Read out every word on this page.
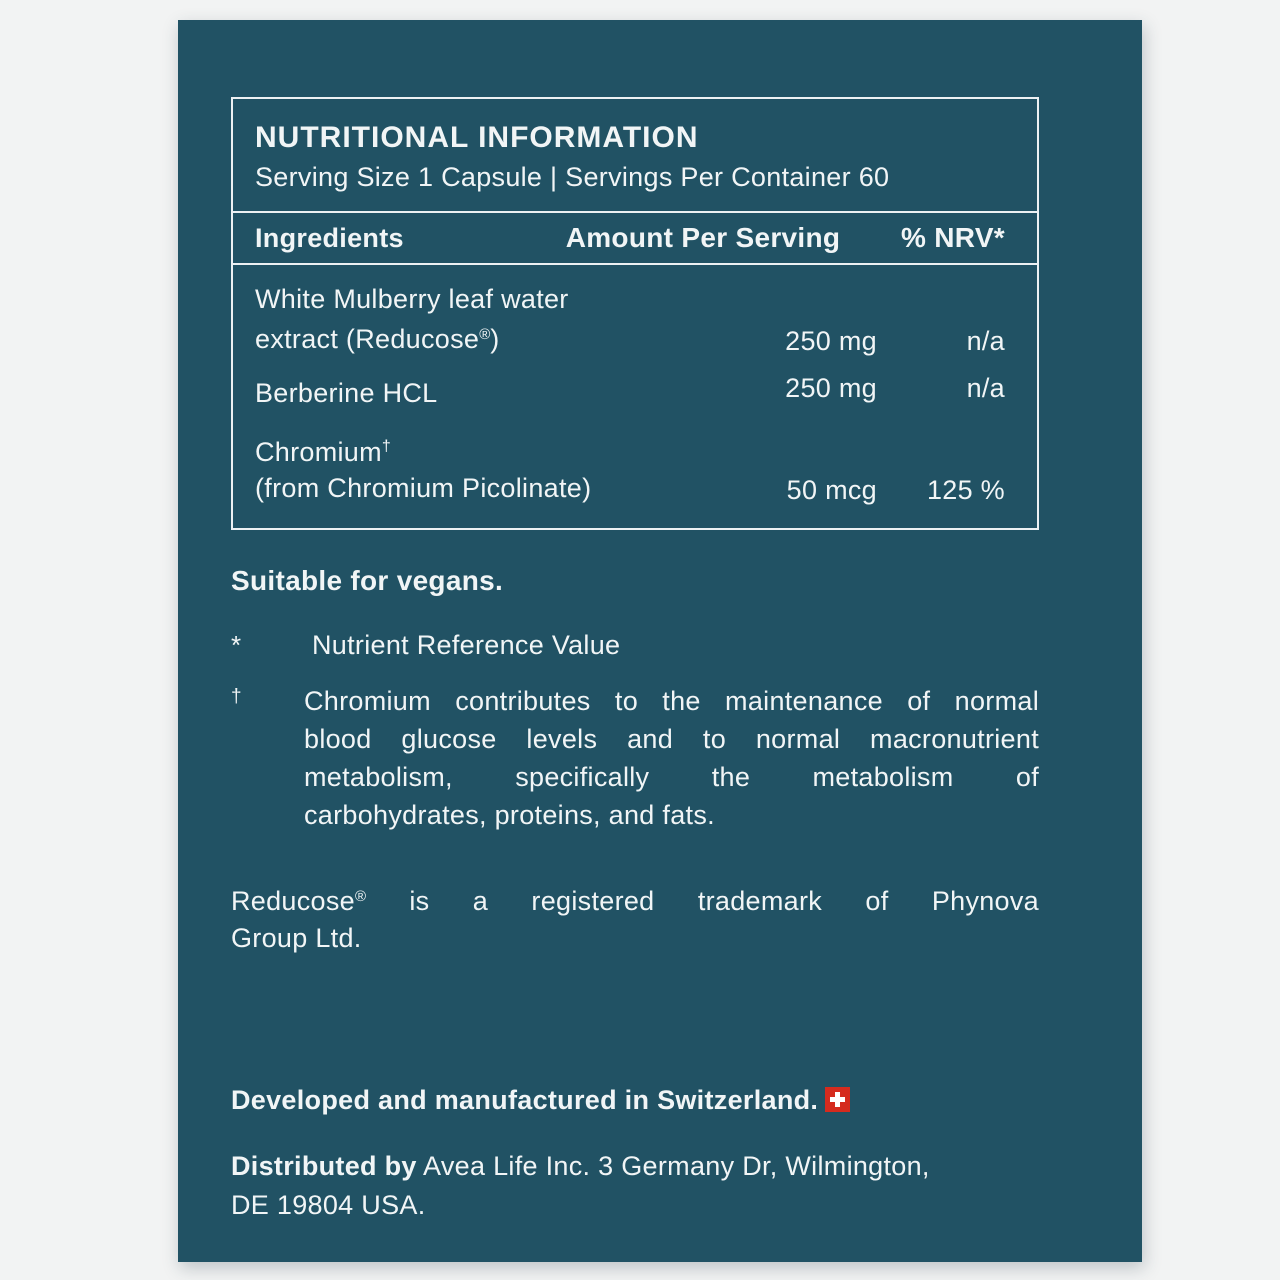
NUTRITIONAL INFORMATION
Serving Size 1 Capsule | Servings Per Container 60
Ingredients	Amount Per Serving	% NRV*
White Mulberry leaf water
extract (Reducose®)	250 mg	n/a
Berberine HCL	250 mg	n/a
Chromium†
(from Chromium Picolinate)	50 mcg	125 %
Suitable for vegans.
*	Nutrient Reference Value
†	Chromium contributes to the maintenance of normal
blood glucose levels and to normal macronutrient
metabolism, specifically the metabolism of
carbohydrates, proteins, and fats.
Reducose® is a registered trademark of Phynova
Group Ltd.
Developed and manufactured in Switzerland.
Distributed by Avea Life Inc. 3 Germany Dr, Wilmington,
DE 19804 USA.
